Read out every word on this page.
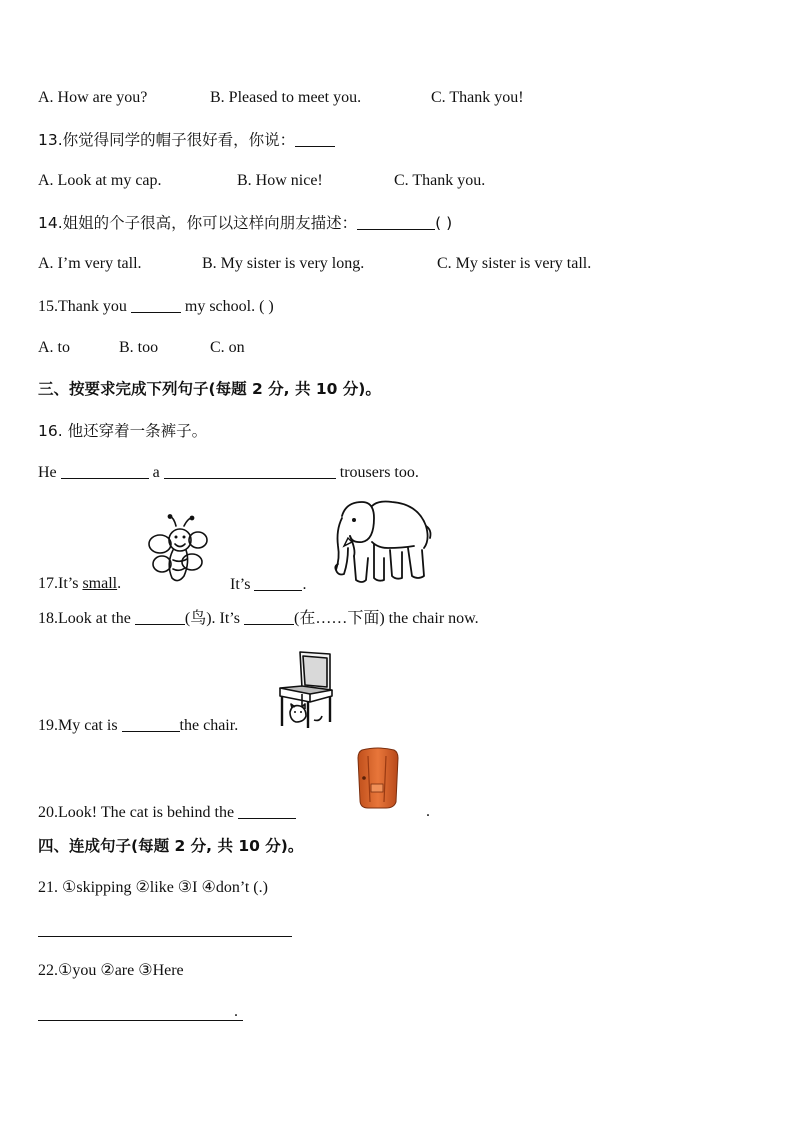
A. How are you?	B. Pleased to meet you.	C. Thank you!
13.你觉得同学的帽子很好看，你说：
A. Look at my cap.	B. How nice!	C. Thank you.
14.姐姐的个子很高，你可以这样向朋友描述：	( )
A. I’m very tall.	B. My sister is very long.	C. My sister is very tall.
15.Thank you	my school. ( )
A. to	B. too	C. on
三、按要求完成下列句子(每题 2 分, 共 10 分)。
16. 他还穿着一条裤子。
He	a	trousers too.
17.It’s small.	It’s	.
18.Look at the	(鸟). It’s	(在……下面) the chair now.
19.My cat is	the chair.
20.Look! The cat is behind the	.
四、连成句子(每题 2 分, 共 10 分)。
21. ①skipping ②like ③I ④don’t (.)
22.①you ②are ③Here
.
